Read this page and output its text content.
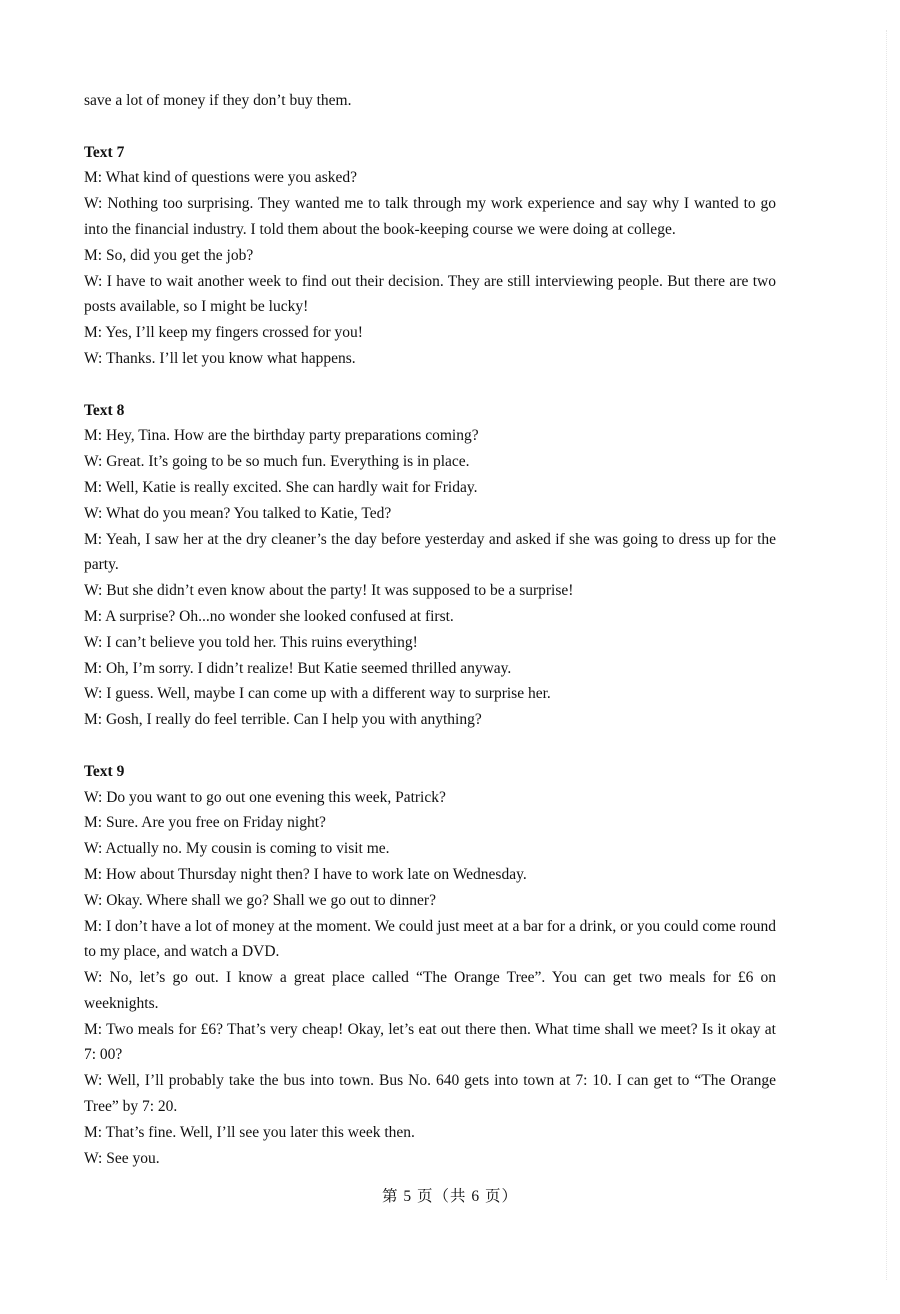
save a lot of money if they don’t buy them.

Text 7

M: What kind of questions were you asked?

W: Nothing too surprising. They wanted me to talk through my work experience and say why I wanted to go into the financial industry. I told them about the book-keeping course we were doing at college.

M: So, did you get the job?

W: I have to wait another week to find out their decision. They are still interviewing people. But there are two posts available, so I might be lucky!

M: Yes, I’ll keep my fingers crossed for you!

W: Thanks. I’ll let you know what happens.

Text 8

M: Hey, Tina. How are the birthday party preparations coming?

W: Great. It’s going to be so much fun. Everything is in place.

M: Well, Katie is really excited. She can hardly wait for Friday.

W: What do you mean? You talked to Katie, Ted?

M: Yeah, I saw her at the dry cleaner’s the day before yesterday and asked if she was going to dress up for the party.

W: But she didn’t even know about the party! It was supposed to be a surprise!

M: A surprise? Oh...no wonder she looked confused at first.

W: I can’t believe you told her. This ruins everything!

M: Oh, I’m sorry. I didn’t realize! But Katie seemed thrilled anyway.

W: I guess. Well, maybe I can come up with a different way to surprise her.

M: Gosh, I really do feel terrible. Can I help you with anything?

Text 9

W: Do you want to go out one evening this week, Patrick?

M: Sure. Are you free on Friday night?

W: Actually no. My cousin is coming to visit me.

M: How about Thursday night then? I have to work late on Wednesday.

W: Okay. Where shall we go? Shall we go out to dinner?

M: I don’t have a lot of money at the moment. We could just meet at a bar for a drink, or you could come round to my place, and watch a DVD.

W: No, let’s go out. I know a great place called “The Orange Tree”. You can get two meals for £6 on weeknights.

M: Two meals for £6? That’s very cheap! Okay, let’s eat out there then. What time shall we meet? Is it okay at 7: 00?

W: Well, I’ll probably take the bus into town. Bus No. 640 gets into town at 7: 10. I can get to “The Orange Tree” by 7: 20.

M: That’s fine. Well, I’ll see you later this week then.

W: See you.

第 5 页（共 6 页）
